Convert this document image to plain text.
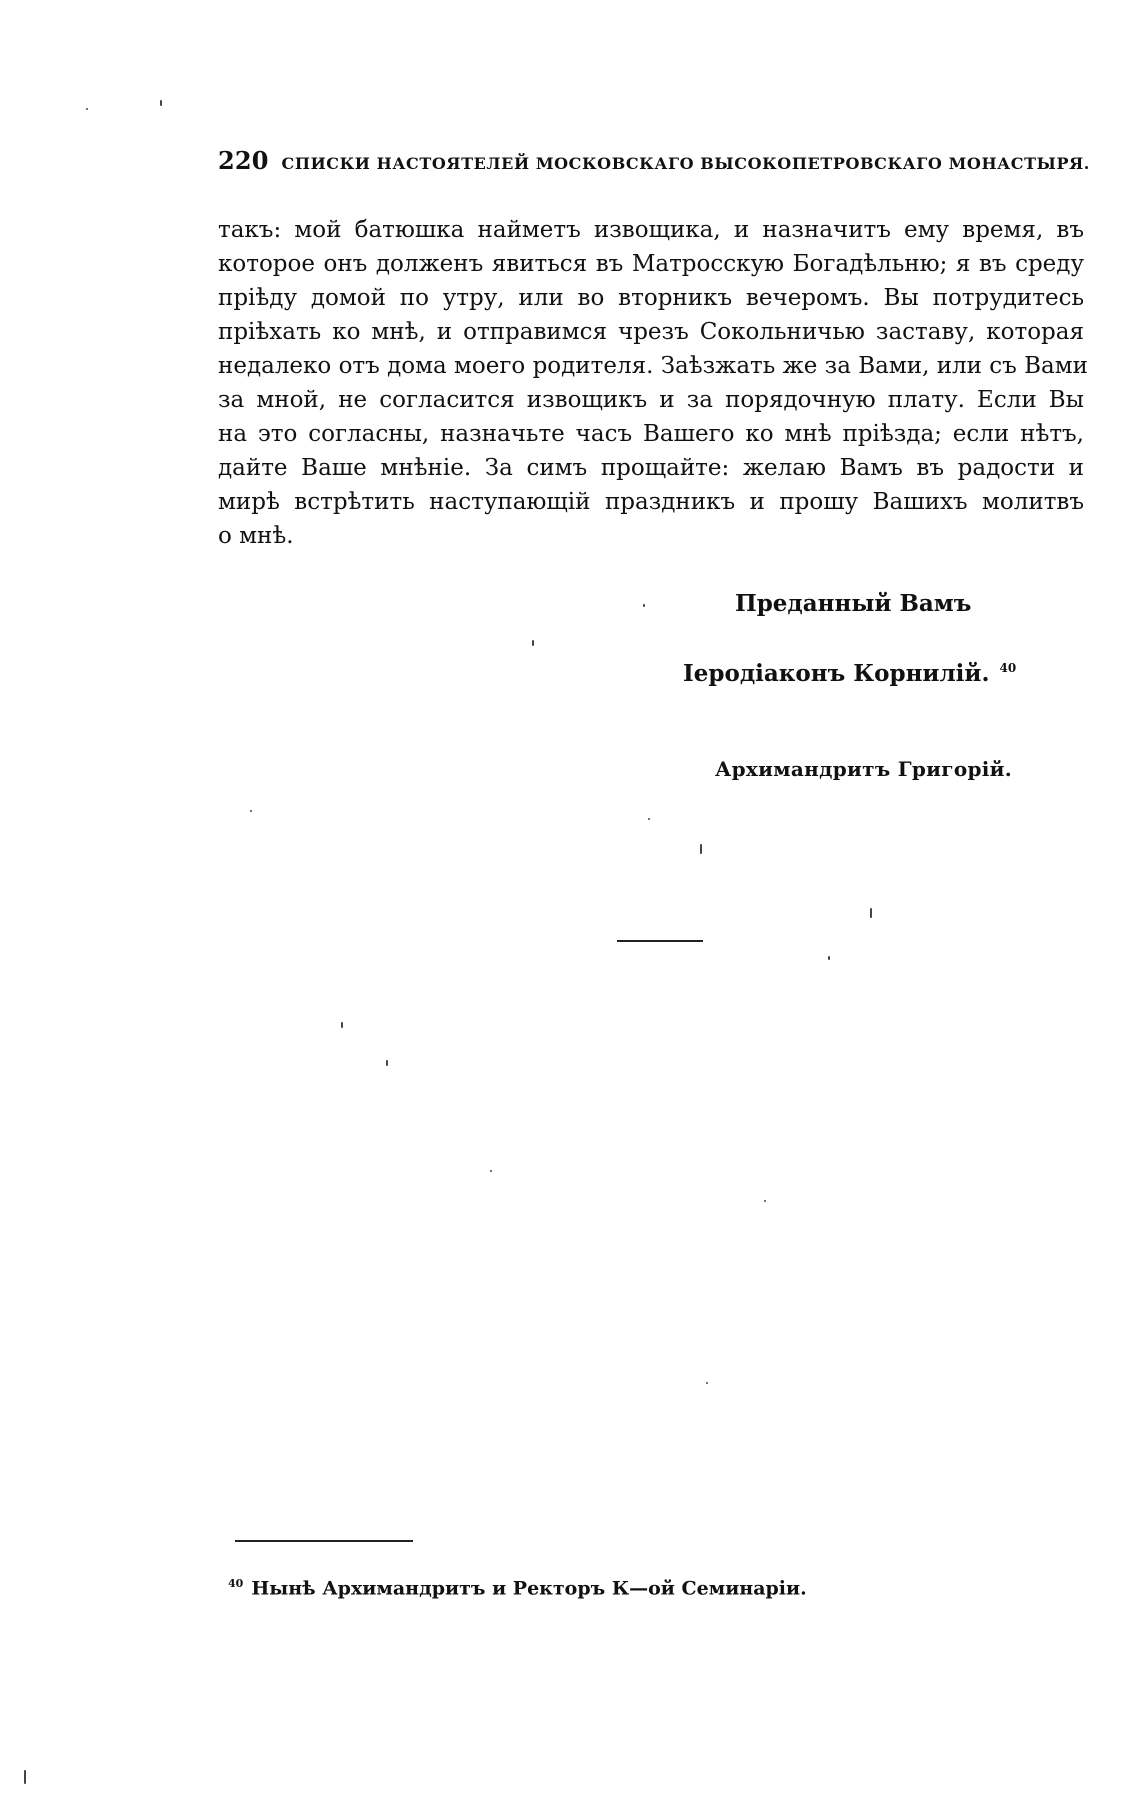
220 СПИСКИ НАСТОЯТЕЛЕЙ МОСКОВСКАГО ВЫСОКОПЕТРОВСКАГО МОНАСТЫРЯ.
такъ: мой батюшка найметъ извощика, и назначитъ ему время, въ
которое онъ долженъ явиться въ Матросскую Богадѣльню; я въ среду
пріѣду домой по утру, или во вторникъ вечеромъ. Вы потрудитесь
пріѣхать ко мнѣ, и отправимся чрезъ Сокольничью заставу, которая
недалеко отъ дома моего родителя. Заѣзжать же за Вами, или съ Вами
за мной, не согласится извощикъ и за порядочную плату. Если Вы
на это согласны, назначьте часъ Вашего ко мнѣ пріѣзда; если нѣтъ,
дайте Ваше мнѣніе. За симъ прощайте: желаю Вамъ въ радости и
мирѣ встрѣтить наступающій праздникъ и прошу Вашихъ молитвъ
о мнѣ.
Преданный Вамъ
Іеродіаконъ Корнилій. $^{40}$
Архимандритъ Григорій.
$^{40}$ Нынѣ Архимандритъ и Ректоръ К—ой Семинаріи.
